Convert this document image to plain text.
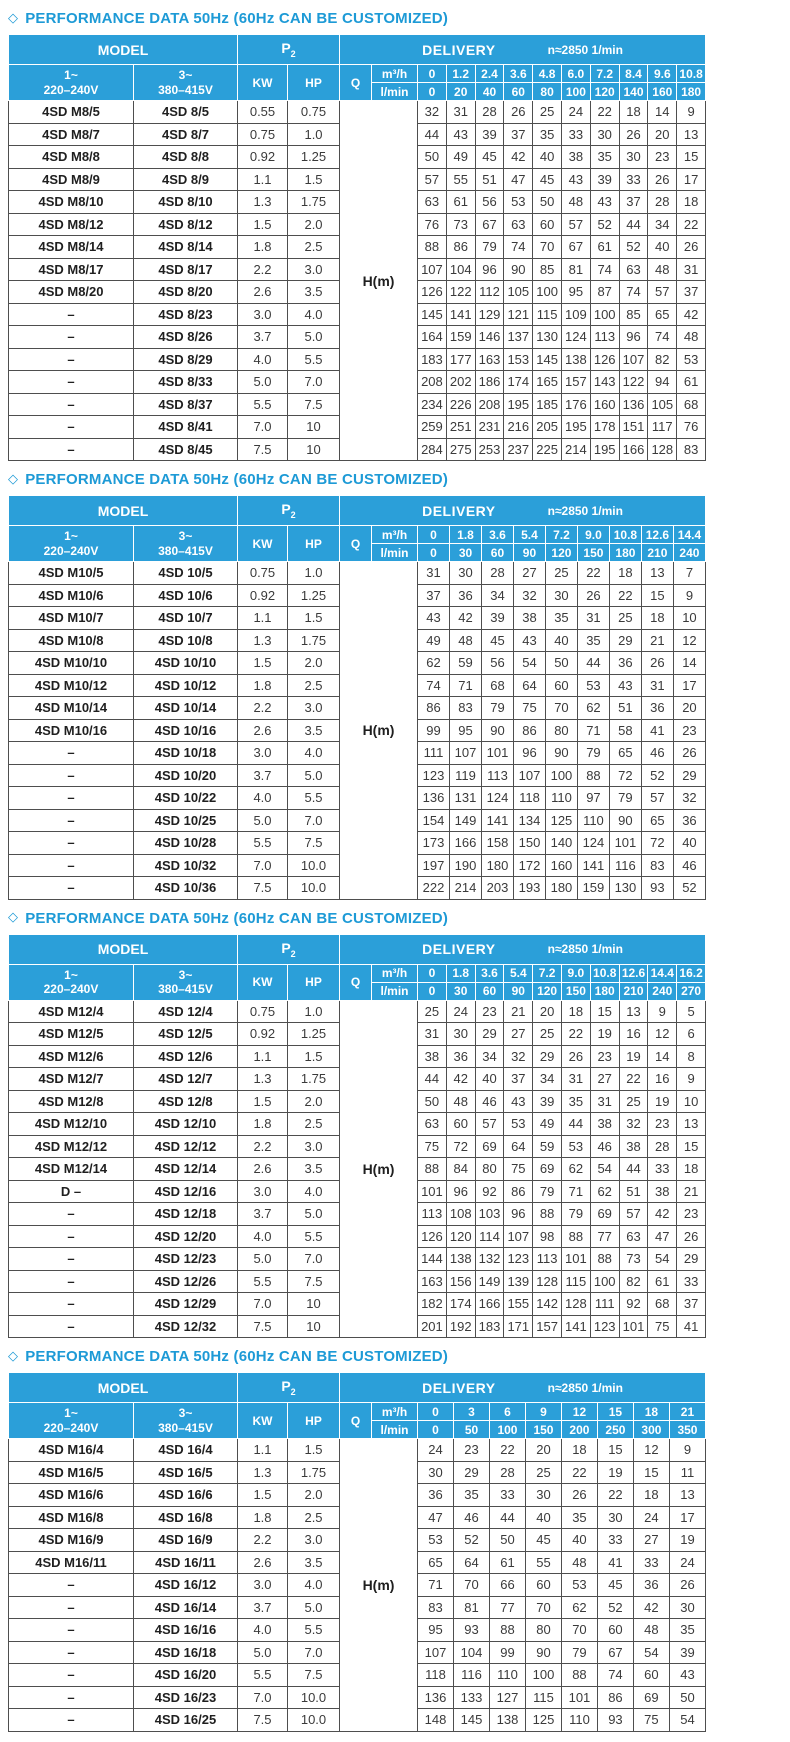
◇ PERFORMANCE DATA 50Hz (60Hz CAN BE CUSTOMIZED)
MODEL		$P_2$		DELIVERY n≈2850 1/min											

1~
220–240V	3~
380–415V	KW	HP	Q	m³/h	0	1.2	2.4	3.6	4.8	6.0	7.2	8.4	9.6	10.8
					l/min	0	20	40	60	80	100	120	140	160	180
4SD M8/5	4SD 8/5	0.55	0.75	H(m)		32	31	28	26	25	24	22	18	14	9
4SD M8/7	4SD 8/7	0.75	1.0			44	43	39	37	35	33	30	26	20	13
4SD M8/8	4SD 8/8	0.92	1.25			50	49	45	42	40	38	35	30	23	15
4SD M8/9	4SD 8/9	1.1	1.5			57	55	51	47	45	43	39	33	26	17
4SD M8/10	4SD 8/10	1.3	1.75			63	61	56	53	50	48	43	37	28	18
4SD M8/12	4SD 8/12	1.5	2.0			76	73	67	63	60	57	52	44	34	22
4SD M8/14	4SD 8/14	1.8	2.5			88	86	79	74	70	67	61	52	40	26
4SD M8/17	4SD 8/17	2.2	3.0			107	104	96	90	85	81	74	63	48	31
4SD M8/20	4SD 8/20	2.6	3.5			126	122	112	105	100	95	87	74	57	37
–	4SD 8/23	3.0	4.0			145	141	129	121	115	109	100	85	65	42
–	4SD 8/26	3.7	5.0			164	159	146	137	130	124	113	96	74	48
–	4SD 8/29	4.0	5.5			183	177	163	153	145	138	126	107	82	53
–	4SD 8/33	5.0	7.0			208	202	186	174	165	157	143	122	94	61
–	4SD 8/37	5.5	7.5			234	226	208	195	185	176	160	136	105	68
–	4SD 8/41	7.0	10			259	251	231	216	205	195	178	151	117	76
–	4SD 8/45	7.5	10			284	275	253	237	225	214	195	166	128	83
◇ PERFORMANCE DATA 50Hz (60Hz CAN BE CUSTOMIZED)
MODEL		$P_2$		DELIVERY n≈2850 1/min										

1~
220–240V	3~
380–415V	KW	HP	Q	m³/h	0	1.8	3.6	5.4	7.2	9.0	10.8	12.6	14.4
					l/min	0	30	60	90	120	150	180	210	240
4SD M10/5	4SD 10/5	0.75	1.0	H(m)		31	30	28	27	25	22	18	13	7
4SD M10/6	4SD 10/6	0.92	1.25			37	36	34	32	30	26	22	15	9
4SD M10/7	4SD 10/7	1.1	1.5			43	42	39	38	35	31	25	18	10
4SD M10/8	4SD 10/8	1.3	1.75			49	48	45	43	40	35	29	21	12
4SD M10/10	4SD 10/10	1.5	2.0			62	59	56	54	50	44	36	26	14
4SD M10/12	4SD 10/12	1.8	2.5			74	71	68	64	60	53	43	31	17
4SD M10/14	4SD 10/14	2.2	3.0			86	83	79	75	70	62	51	36	20
4SD M10/16	4SD 10/16	2.6	3.5			99	95	90	86	80	71	58	41	23
–	4SD 10/18	3.0	4.0			111	107	101	96	90	79	65	46	26
–	4SD 10/20	3.7	5.0			123	119	113	107	100	88	72	52	29
–	4SD 10/22	4.0	5.5			136	131	124	118	110	97	79	57	32
–	4SD 10/25	5.0	7.0			154	149	141	134	125	110	90	65	36
–	4SD 10/28	5.5	7.5			173	166	158	150	140	124	101	72	40
–	4SD 10/32	7.0	10.0			197	190	180	172	160	141	116	83	46
–	4SD 10/36	7.5	10.0			222	214	203	193	180	159	130	93	52
◇ PERFORMANCE DATA 50Hz (60Hz CAN BE CUSTOMIZED)
MODEL		$P_2$		DELIVERY n≈2850 1/min											

1~
220–240V	3~
380–415V	KW	HP	Q	m³/h	0	1.8	3.6	5.4	7.2	9.0	10.8	12.6	14.4	16.2
					l/min	0	30	60	90	120	150	180	210	240	270
4SD M12/4	4SD 12/4	0.75	1.0	H(m)		25	24	23	21	20	18	15	13	9	5
4SD M12/5	4SD 12/5	0.92	1.25			31	30	29	27	25	22	19	16	12	6
4SD M12/6	4SD 12/6	1.1	1.5			38	36	34	32	29	26	23	19	14	8
4SD M12/7	4SD 12/7	1.3	1.75			44	42	40	37	34	31	27	22	16	9
4SD M12/8	4SD 12/8	1.5	2.0			50	48	46	43	39	35	31	25	19	10
4SD M12/10	4SD 12/10	1.8	2.5			63	60	57	53	49	44	38	32	23	13
4SD M12/12	4SD 12/12	2.2	3.0			75	72	69	64	59	53	46	38	28	15
4SD M12/14	4SD 12/14	2.6	3.5			88	84	80	75	69	62	54	44	33	18
D –	4SD 12/16	3.0	4.0			101	96	92	86	79	71	62	51	38	21
–	4SD 12/18	3.7	5.0			113	108	103	96	88	79	69	57	42	23
–	4SD 12/20	4.0	5.5			126	120	114	107	98	88	77	63	47	26
–	4SD 12/23	5.0	7.0			144	138	132	123	113	101	88	73	54	29
–	4SD 12/26	5.5	7.5			163	156	149	139	128	115	100	82	61	33
–	4SD 12/29	7.0	10			182	174	166	155	142	128	111	92	68	37
–	4SD 12/32	7.5	10			201	192	183	171	157	141	123	101	75	41
◇ PERFORMANCE DATA 50Hz (60Hz CAN BE CUSTOMIZED)
MODEL		$P_2$		DELIVERY n≈2850 1/min									

1~
220–240V	3~
380–415V	KW	HP	Q	m³/h	0	3	6	9	12	15	18	21
					l/min	0	50	100	150	200	250	300	350
4SD M16/4	4SD 16/4	1.1	1.5	H(m)		24	23	22	20	18	15	12	9
4SD M16/5	4SD 16/5	1.3	1.75			30	29	28	25	22	19	15	11
4SD M16/6	4SD 16/6	1.5	2.0			36	35	33	30	26	22	18	13
4SD M16/8	4SD 16/8	1.8	2.5			47	46	44	40	35	30	24	17
4SD M16/9	4SD 16/9	2.2	3.0			53	52	50	45	40	33	27	19
4SD M16/11	4SD 16/11	2.6	3.5			65	64	61	55	48	41	33	24
–	4SD 16/12	3.0	4.0			71	70	66	60	53	45	36	26
–	4SD 16/14	3.7	5.0			83	81	77	70	62	52	42	30
–	4SD 16/16	4.0	5.5			95	93	88	80	70	60	48	35
–	4SD 16/18	5.0	7.0			107	104	99	90	79	67	54	39
–	4SD 16/20	5.5	7.5			118	116	110	100	88	74	60	43
–	4SD 16/23	7.0	10.0			136	133	127	115	101	86	69	50
–	4SD 16/25	7.5	10.0			148	145	138	125	110	93	75	54
